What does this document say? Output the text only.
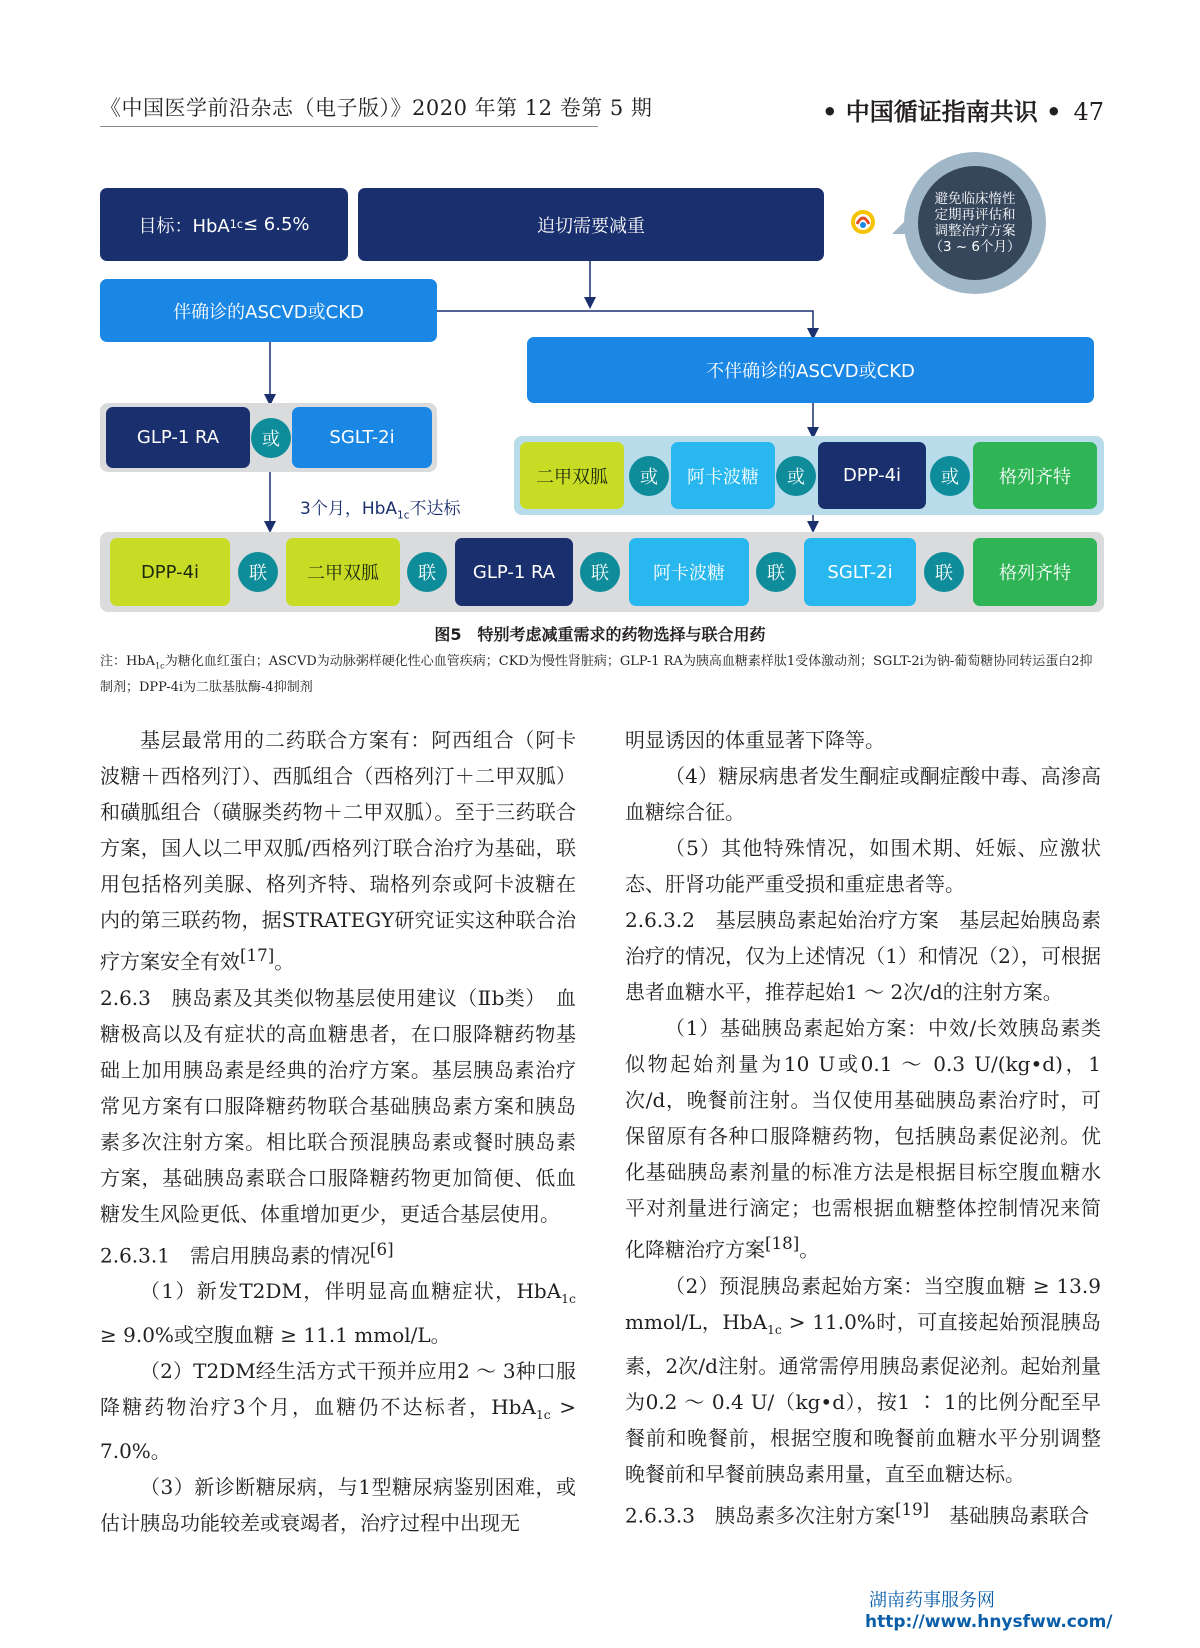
《中国医学前沿杂志（电子版）》2020 年第 12 卷第 5 期	• 中国循证指南共识 • 47
目标：HbA 1c ≤ 6.5%	迫切需要减重
避免临床惰性
定期再评估和
调整治疗方案
（3 ~ 6个月）
伴确诊的ASCVD或CKD
不伴确诊的ASCVD或CKD
GLP-1 RA	或	SGLT-2i
二甲双胍	或	阿卡波糖	或	DPP-4i	或	格列齐特
3个月，HbA$_{1c}$不达标
DPP-4i	联	二甲双胍	联	GLP-1 RA	联	阿卡波糖	联	SGLT-2i	联	格列齐特
图5　特别考虑减重需求的药物选择与联合用药
注：HbA$_{1c}$为糖化血红蛋白；ASCVD为动脉粥样硬化性心血管疾病；CKD为慢性肾脏病；GLP-1 RA为胰高血糖素样肽1受体激动剂；SGLT-2i为钠-葡萄糖协同转运蛋白2抑制剂；DPP-4i为二肽基肽酶-4抑制剂

基层最常用的二药联合方案有：阿西组合（阿卡波糖＋西格列汀）、西胍组合（西格列汀＋二甲双胍）和磺胍组合（磺脲类药物＋二甲双胍）。至于三药联合方案，国人以二甲双胍/西格列汀联合治疗为基础，联用包括格列美脲、格列齐特、瑞格列奈或阿卡波糖在内的第三联药物，据STRATEGY研究证实这种联合治疗方案安全有效[17]。

2.6.3　胰岛素及其类似物基层使用建议（Ⅱb类）　血糖极高以及有症状的高血糖患者，在口服降糖药物基础上加用胰岛素是经典的治疗方案。基层胰岛素治疗常见方案有口服降糖药物联合基础胰岛素方案和胰岛素多次注射方案。相比联合预混胰岛素或餐时胰岛素方案，基础胰岛素联合口服降糖药物更加简便、低血糖发生风险更低、体重增加更少，更适合基层使用。

2.6.3.1　需启用胰岛素的情况[6]

（1）新发T2DM，伴明显高血糖症状，HbA$_{1c}$ ≥ 9.0%或空腹血糖 ≥ 11.1 mmol/L。

（2）T2DM经生活方式干预并应用2 ～ 3种口服降糖药物治疗3个月，血糖仍不达标者，HbA$_{1c}$ > 7.0%。

（3）新诊断糖尿病，与1型糖尿病鉴别困难，或估计胰岛功能较差或衰竭者，治疗过程中出现无

明显诱因的体重显著下降等。

（4）糖尿病患者发生酮症或酮症酸中毒、高渗高血糖综合征。

（5）其他特殊情况，如围术期、妊娠、应激状态、肝肾功能严重受损和重症患者等。

2.6.3.2　基层胰岛素起始治疗方案　基层起始胰岛素治疗的情况，仅为上述情况（1）和情况（2），可根据患者血糖水平，推荐起始1 ～ 2次/d的注射方案。

（1）基础胰岛素起始方案：中效/长效胰岛素类似物起始剂量为10 U或0.1 ～ 0.3 U/(kg•d)，1次/d，晚餐前注射。当仅使用基础胰岛素治疗时，可保留原有各种口服降糖药物，包括胰岛素促泌剂。优化基础胰岛素剂量的标准方法是根据目标空腹血糖水平对剂量进行滴定；也需根据血糖整体控制情况来简化降糖治疗方案[18]。

（2）预混胰岛素起始方案：当空腹血糖 ≥ 13.9 mmol/L，HbA$_{1c}$ > 11.0%时，可直接起始预混胰岛素，2次/d注射。通常需停用胰岛素促泌剂。起始剂量为0.2 ～ 0.4 U/（kg•d），按1 ∶ 1的比例分配至早餐前和晚餐前，根据空腹和晚餐前血糖水平分别调整晚餐前和早餐前胰岛素用量，直至血糖达标。

2.6.3.3　胰岛素多次注射方案[19]　基础胰岛素联合

湖南药事服务网
http://www.hnysfww.com/
